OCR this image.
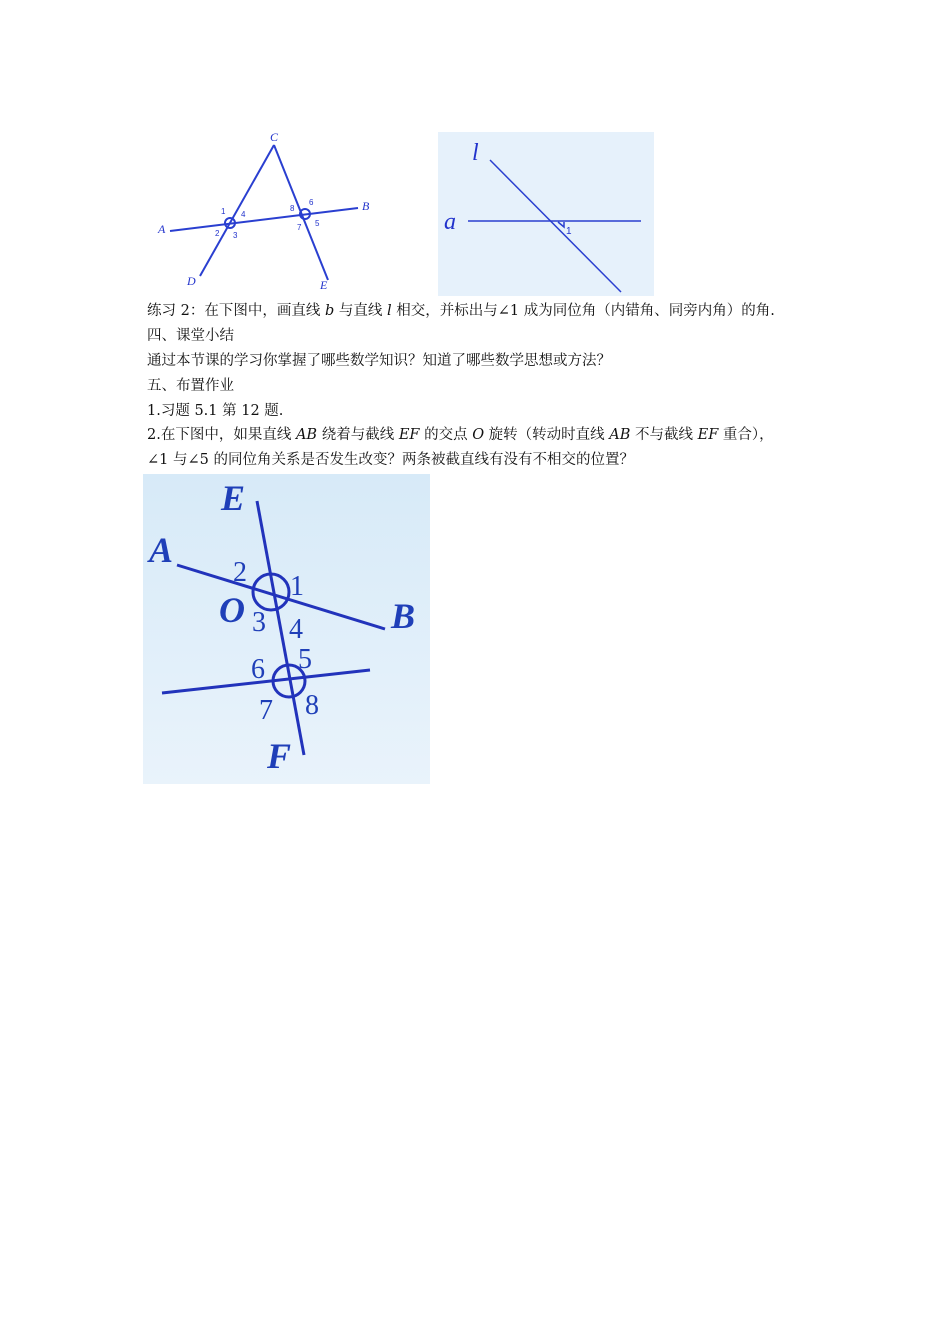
C
A
B
D	E
1
2 3
4
5
6
7
8
l
a	1
练习 2：在下图中，画直线 b 与直线 l 相交，并标出与∠1 成为同位角（内错角、同旁内角）的角.
四、课堂小结
通过本节课的学习你掌握了哪些数学知识？知道了哪些数学思想或方法？
五、布置作业
1.习题 5.1 第 12 题.
2.在下图中，如果直线 AB 绕着与截线 EF 的交点 O 旋转（转动时直线 AB 不与截线 EF 重合），
∠1 与∠5 的同位角关系是否发生改变？两条被截直线有没有不相交的位置？
E
A
O	B
F
1
2
3 4
5
6
7 8
